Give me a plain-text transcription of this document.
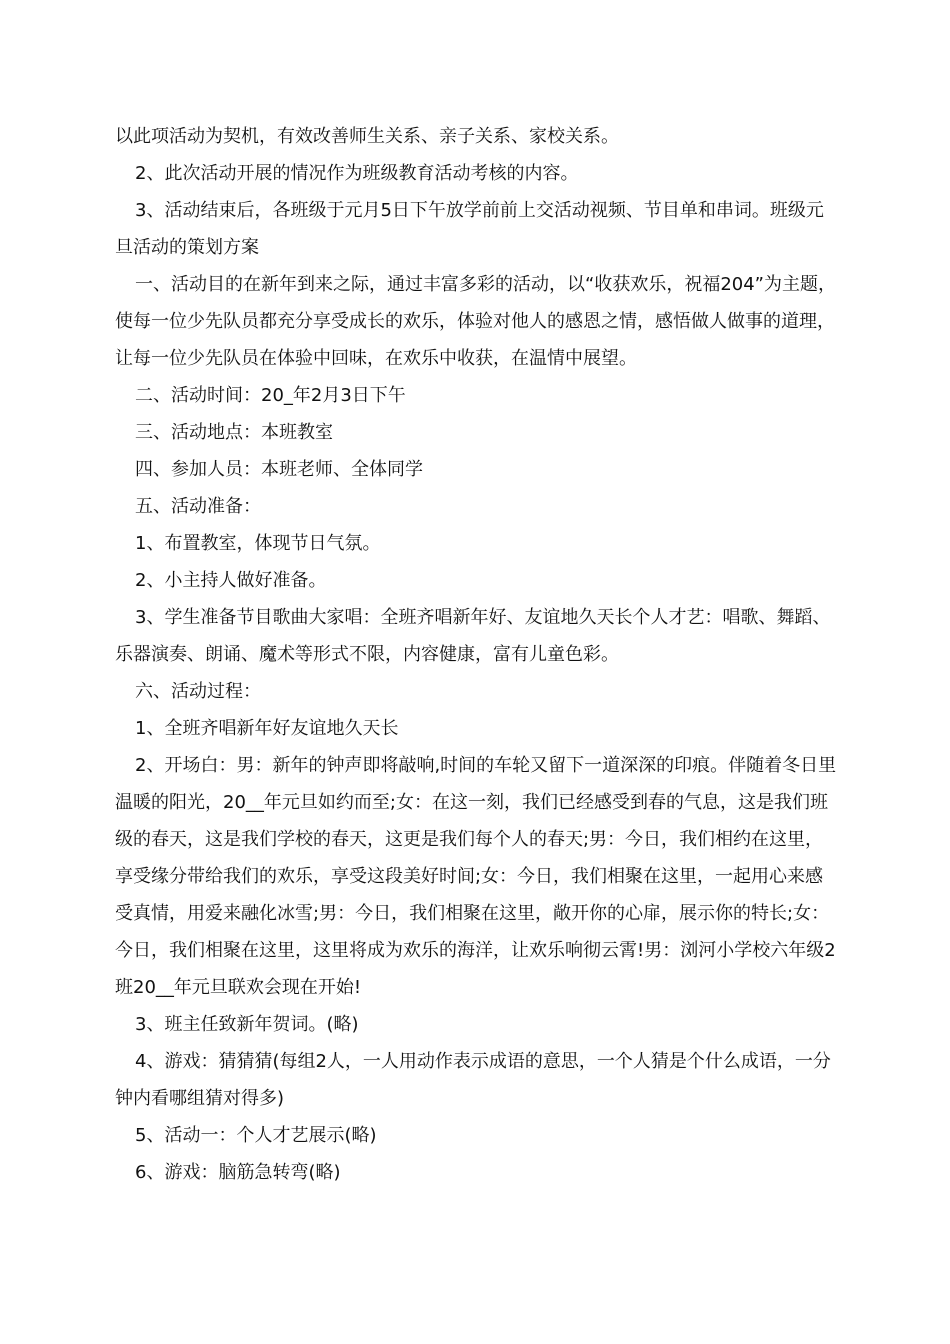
以此项活动为契机，有效改善师生关系、亲子关系、家校关系。

2、此次活动开展的情况作为班级教育活动考核的内容。

3、活动结束后，各班级于元月5日下午放学前前上交活动视频、节目单和串词。班级元旦活动的策划方案

一、活动目的在新年到来之际，通过丰富多彩的活动，以“收获欢乐，祝福204”为主题，使每一位少先队员都充分享受成长的欢乐，体验对他人的感恩之情，感悟做人做事的道理，让每一位少先队员在体验中回味，在欢乐中收获，在温情中展望。

二、活动时间：20_年2月3日下午

三、活动地点：本班教室

四、参加人员：本班老师、全体同学

五、活动准备：

1、布置教室，体现节日气氛。

2、小主持人做好准备。

3、学生准备节目歌曲大家唱：全班齐唱新年好、友谊地久天长个人才艺：唱歌、舞蹈、乐器演奏、朗诵、魔术等形式不限，内容健康，富有儿童色彩。

六、活动过程：

1、全班齐唱新年好友谊地久天长

2、开场白：男：新年的钟声即将敲响,时间的车轮又留下一道深深的印痕。伴随着冬日里温暖的阳光，20__年元旦如约而至;女：在这一刻，我们已经感受到春的气息，这是我们班级的春天，这是我们学校的春天，这更是我们每个人的春天;男：今日，我们相约在这里，享受缘分带给我们的欢乐，享受这段美好时间;女：今日，我们相聚在这里，一起用心来感受真情，用爱来融化冰雪;男：今日，我们相聚在这里，敞开你的心扉，展示你的特长;女：今日，我们相聚在这里，这里将成为欢乐的海洋，让欢乐响彻云霄!男：浏河小学校六年级2班20__年元旦联欢会现在开始!

3、班主任致新年贺词。(略)

4、游戏：猜猜猜(每组2人，一人用动作表示成语的意思，一个人猜是个什么成语，一分钟内看哪组猜对得多)

5、活动一：个人才艺展示(略)

6、游戏：脑筋急转弯(略)
